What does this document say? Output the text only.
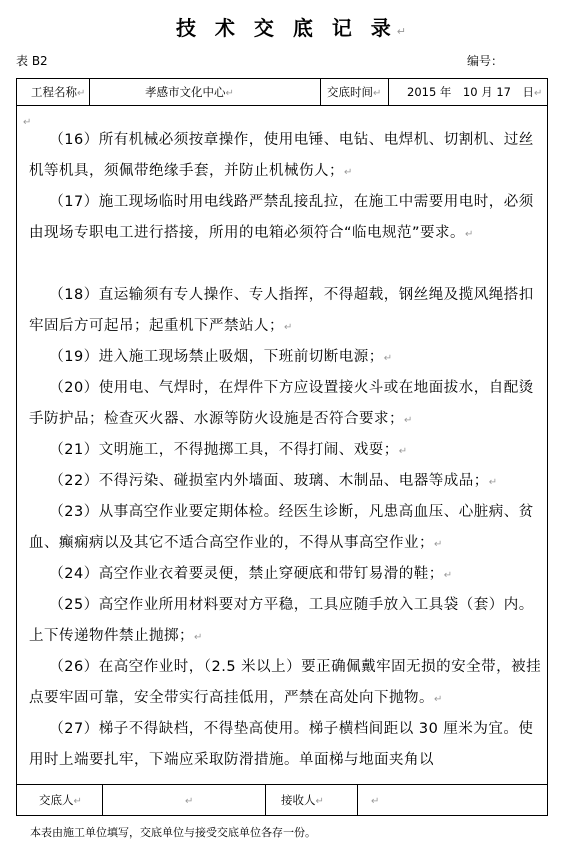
技 术 交 底 记 录↵
表 B2	编号：
工程名称↵	孝感市文化中心↵	交底时间↵ 2015 年　10 月 17　日↵
↵
（16）所有机械必须按章操作，使用电锤、电钻、电焊机、切割机、过丝机等机具，须佩带绝缘手套，并防止机械伤人；↵
（17）施工现场临时用电线路严禁乱接乱拉，在施工中需要用电时，必须由现场专职电工进行搭接，所用的电箱必须符合“临电规范”要求。↵
（18）直运输须有专人操作、专人指挥，不得超载，钢丝绳及揽风绳搭扣牢固后方可起吊；起重机下严禁站人；↵
（19）进入施工现场禁止吸烟，下班前切断电源；↵
（20）使用电、气焊时，在焊件下方应设置接火斗或在地面拔水，自配烫手防护品；检查灭火器、水源等防火设施是否符合要求；↵
（21）文明施工，不得抛掷工具，不得打闹、戏耍；↵
（22）不得污染、碰损室内外墙面、玻璃、木制品、电器等成品；↵
（23）从事高空作业要定期体检。经医生诊断，凡患高血压、心脏病、贫血、癫痫病以及其它不适合高空作业的，不得从事高空作业；↵
（24）高空作业衣着要灵便，禁止穿硬底和带钉易滑的鞋；↵
（25）高空作业所用材料要对方平稳，工具应随手放入工具袋（套）内。上下传递物件禁止抛掷；↵
（26）在高空作业时，（2.5 米以上）要正确佩戴牢固无损的安全带，被挂点要牢固可靠，安全带实行高挂低用，严禁在高处向下抛物。↵
（27）梯子不得缺档，不得垫高使用。梯子横档间距以 30 厘米为宜。使用时上端要扎牢，下端应采取防滑措施。单面梯与地面夹角以
交底人↵	↵	接收人↵	↵
本表由施工单位填写，交底单位与接受交底单位各存一份。
